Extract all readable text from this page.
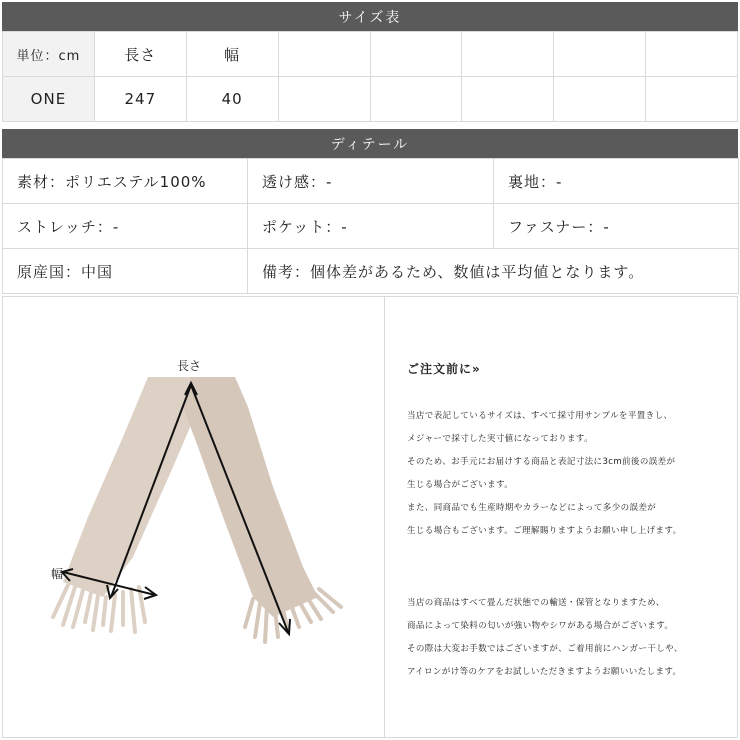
サイズ表
単位：cm	長さ	幅					
ONE	247	40					
ディテール
素材：ポリエステル100%	透け感：-	裏地：-
ストレッチ：-	ポケット：-	ファスナー：-
原産国：中国	備考：個体差があるため、数値は平均値となります。	
長さ
幅
ご注文前に»
当店で表記しているサイズは、すべて採寸用サンプルを平置きし、
メジャーで採寸した実寸値になっております。
そのため、お手元にお届けする商品と表記寸法に3cm前後の誤差が
生じる場合がございます。
また、同商品でも生産時期やカラーなどによって多少の誤差が
生じる場合もございます。ご理解賜りますようお願い申し上げます。
当店の商品はすべて畳んだ状態での輸送・保管となりますため、
商品によって染料の匂いが強い物やシワがある場合がございます。
その際は大変お手数ではございますが、ご着用前にハンガー干しや、
アイロンがけ等のケアをお試しいただきますようお願いいたします。
